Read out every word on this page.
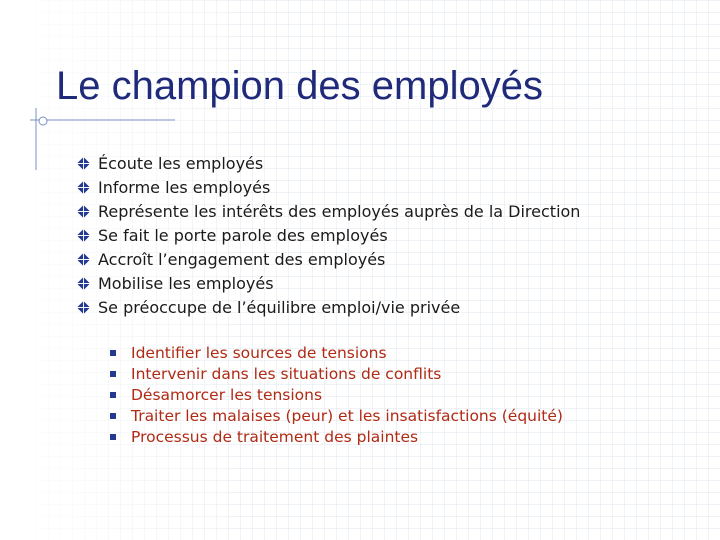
Le champion des employés
Écoute les employés
Informe les employés
Représente les intérêts des employés auprès de la Direction
Se fait le porte parole des employés
Accroît l’engagement des employés
Mobilise les employés
Se préoccupe de l’équilibre emploi/vie privée
Identifier les sources de tensions
Intervenir dans les situations de conflits
Désamorcer les tensions
Traiter les malaises (peur) et les insatisfactions (équité)
Processus de traitement des plaintes
